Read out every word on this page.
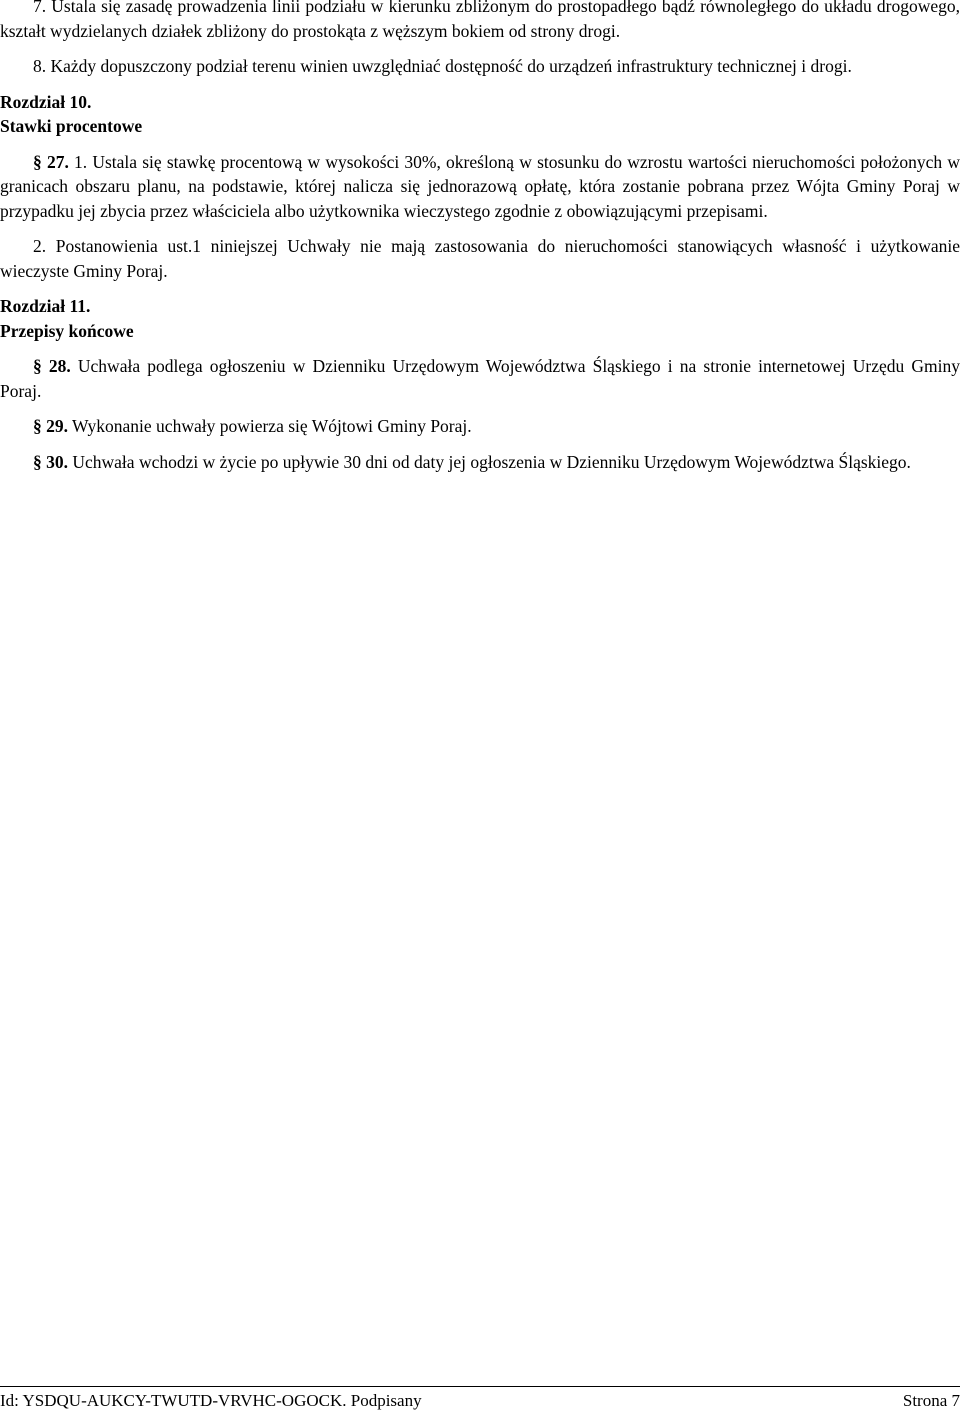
7. Ustala się zasadę prowadzenia linii podziału w kierunku zbliżonym do prostopadłego bądź równoległego do układu drogowego, kształt wydzielanych działek zbliżony do prostokąta z węższym bokiem od strony drogi.

8. Każdy dopuszczony podział terenu winien uwzględniać dostępność do urządzeń infrastruktury technicznej i drogi.

Rozdział 10.

Stawki procentowe

§ 27. 1. Ustala się stawkę procentową w wysokości 30%, określoną w stosunku do wzrostu wartości nieruchomości położonych w granicach obszaru planu, na podstawie, której nalicza się jednorazową opłatę, która zostanie pobrana przez Wójta Gminy Poraj w przypadku jej zbycia przez właściciela albo użytkownika wieczystego zgodnie z obowiązującymi przepisami.

2. Postanowienia ust.1 niniejszej Uchwały nie mają zastosowania do nieruchomości stanowiących własność i użytkowanie wieczyste Gminy Poraj.

Rozdział 11.

Przepisy końcowe

§ 28. Uchwała podlega ogłoszeniu w Dzienniku Urzędowym Województwa Śląskiego i na stronie internetowej Urzędu Gminy Poraj.

§ 29. Wykonanie uchwały powierza się Wójtowi Gminy Poraj.

§ 30. Uchwała wchodzi w życie po upływie 30 dni od daty jej ogłoszenia w Dzienniku Urzędowym Województwa Śląskiego.

Id: YSDQU-AUKCY-TWUTD-VRVHC-OGOCK. Podpisany	Strona 7
